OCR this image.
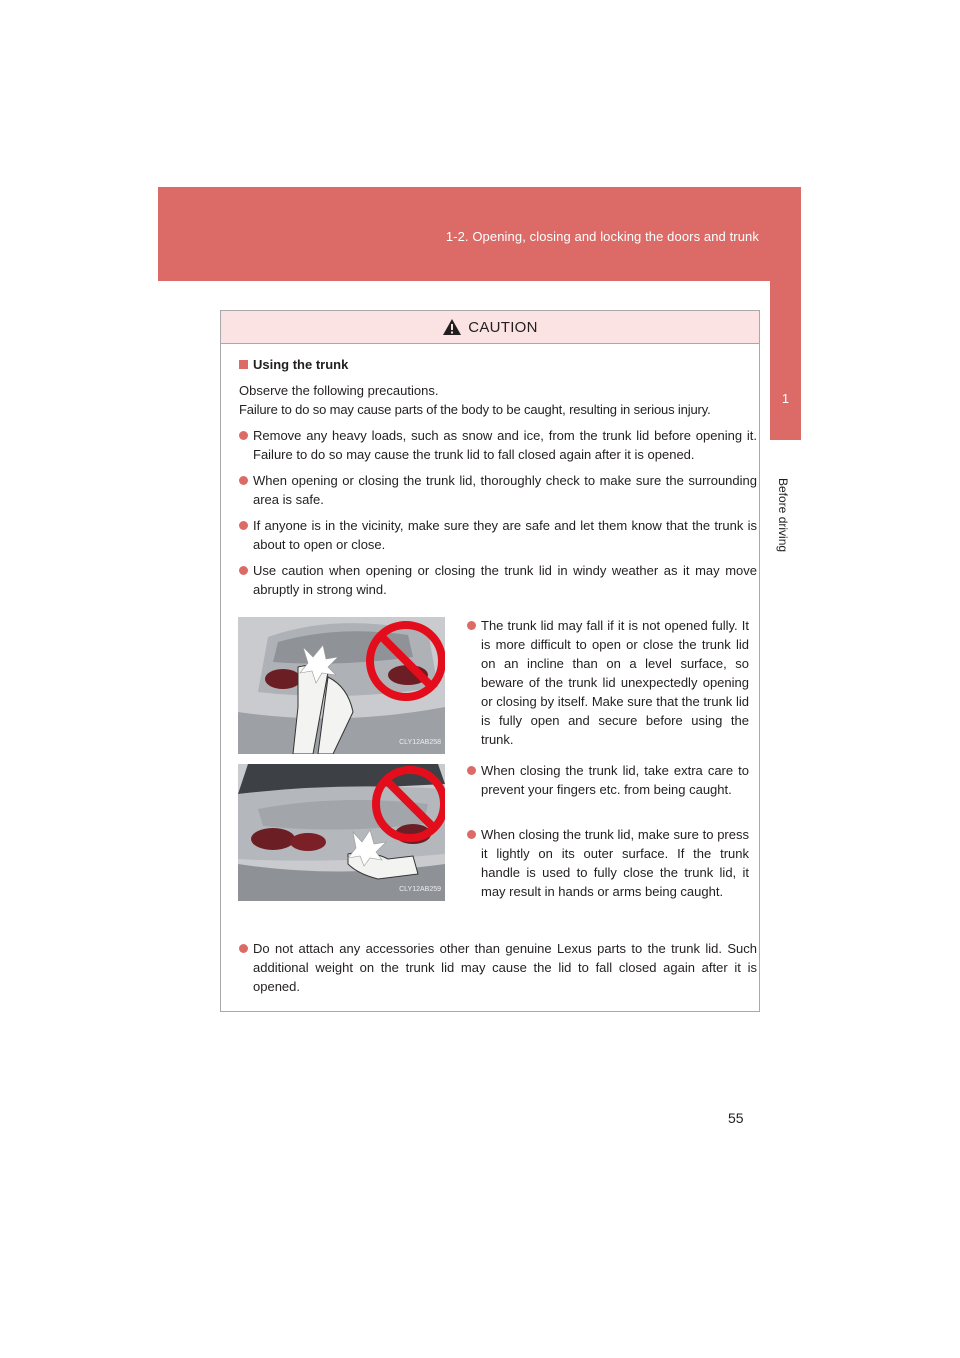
1-2. Opening, closing and locking the doors and trunk
1
Before driving
CAUTION
Using the trunk
Observe the following precautions.
Failure to do so may cause parts of the body to be caught, resulting in serious injury.
Remove any heavy loads, such as snow and ice, from the trunk lid before opening it. Failure to do so may cause the trunk lid to fall closed again after it is opened.
When opening or closing the trunk lid, thoroughly check to make sure the surrounding area is safe.
If anyone is in the vicinity, make sure they are safe and let them know that the trunk is about to open or close.
Use caution when opening or closing the trunk lid in windy weather as it may move abruptly in strong wind.
CLY12AB258
CLY12AB259
The trunk lid may fall if it is not opened fully. It is more difficult to open or close the trunk lid on an incline than on a level surface, so beware of the trunk lid unexpectedly opening or closing by itself. Make sure that the trunk lid is fully open and secure before using the trunk.
When closing the trunk lid, take extra care to prevent your fingers etc. from being caught.
When closing the trunk lid, make sure to press it lightly on its outer surface. If the trunk handle is used to fully close the trunk lid, it may result in hands or arms being caught.
Do not attach any accessories other than genuine Lexus parts to the trunk lid. Such additional weight on the trunk lid may cause the lid to fall closed again after it is opened.
55
